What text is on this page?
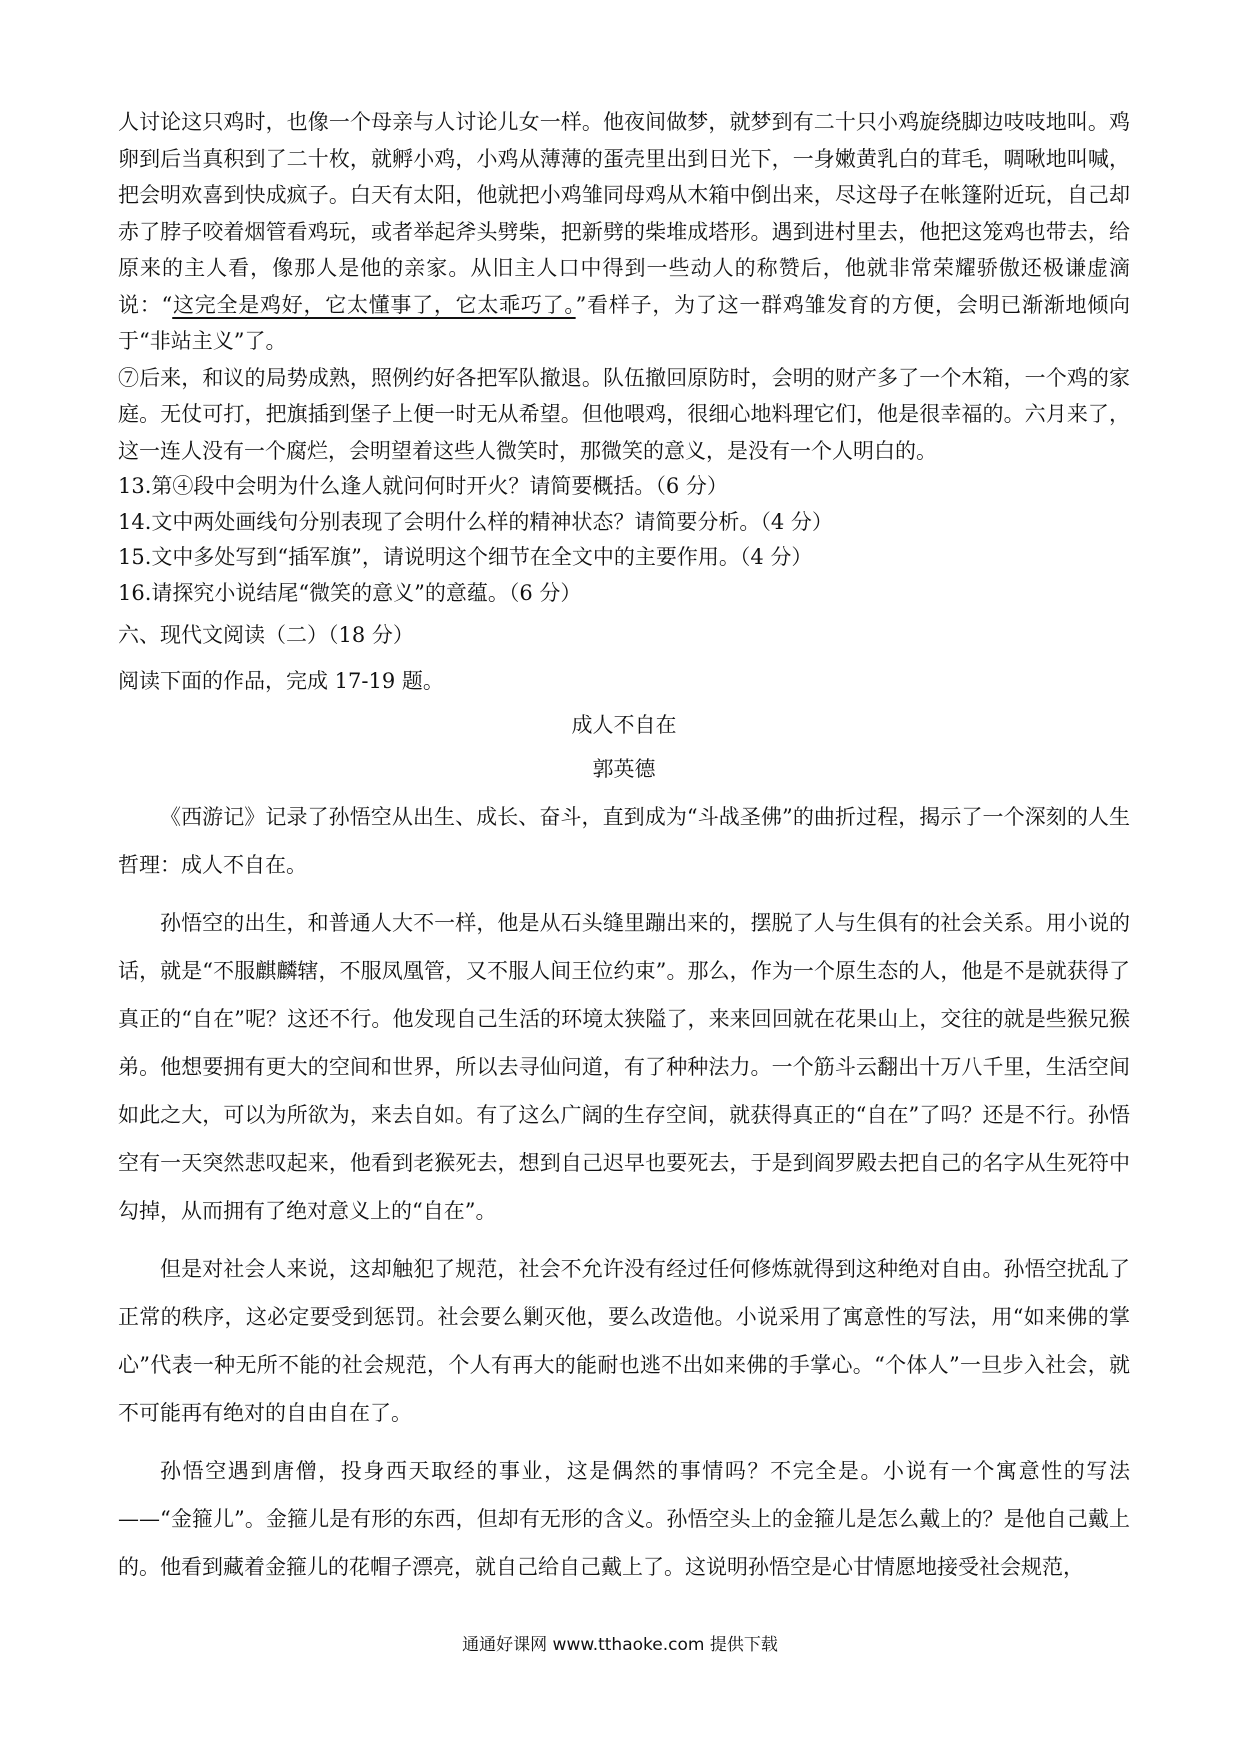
人讨论这只鸡时，也像一个母亲与人讨论儿女一样。他夜间做梦，就梦到有二十只小鸡旋绕脚边吱吱地叫。鸡卵到后当真积到了二十枚，就孵小鸡，小鸡从薄薄的蛋壳里出到日光下，一身嫩黄乳白的茸毛，啁啾地叫喊，把会明欢喜到快成疯子。白天有太阳，他就把小鸡雏同母鸡从木箱中倒出来，尽这母子在帐篷附近玩，自己却赤了脖子咬着烟管看鸡玩，或者举起斧头劈柴，把新劈的柴堆成塔形。遇到进村里去，他把这笼鸡也带去，给原来的主人看，像那人是他的亲家。从旧主人口中得到一些动人的称赞后，他就非常荣耀骄傲还极谦虚滴说：“这完全是鸡好，它太懂事了，它太乖巧了。”看样子，为了这一群鸡雏发育的方便，会明已渐渐地倾向于“非站主义”了。

⑦后来，和议的局势成熟，照例约好各把军队撤退。队伍撤回原防时，会明的财产多了一个木箱，一个鸡的家庭。无仗可打，把旗插到堡子上便一时无从希望。但他喂鸡，很细心地料理它们，他是很幸福的。六月来了，这一连人没有一个腐烂，会明望着这些人微笑时，那微笑的意义，是没有一个人明白的。

13.第④段中会明为什么逢人就问何时开火？请简要概括。（6 分）

14.文中两处画线句分别表现了会明什么样的精神状态？请简要分析。（4 分）

15.文中多处写到“插军旗”，请说明这个细节在全文中的主要作用。（4 分）

16.请探究小说结尾“微笑的意义”的意蕴。（6 分）

六、现代文阅读（二）（18 分）

阅读下面的作品，完成 17-19 题。

成人不自在

郭英德

《西游记》记录了孙悟空从出生、成长、奋斗，直到成为“斗战圣佛”的曲折过程，揭示了一个深刻的人生哲理：成人不自在。

孙悟空的出生，和普通人大不一样，他是从石头缝里蹦出来的，摆脱了人与生俱有的社会关系。用小说的话，就是“不服麒麟辖，不服凤凰管，又不服人间王位约束”。那么，作为一个原生态的人，他是不是就获得了真正的“自在”呢？这还不行。他发现自己生活的环境太狭隘了，来来回回就在花果山上，交往的就是些猴兄猴弟。他想要拥有更大的空间和世界，所以去寻仙问道，有了种种法力。一个筋斗云翻出十万八千里，生活空间如此之大，可以为所欲为，来去自如。有了这么广阔的生存空间，就获得真正的“自在”了吗？还是不行。孙悟空有一天突然悲叹起来，他看到老猴死去，想到自己迟早也要死去，于是到阎罗殿去把自己的名字从生死符中勾掉，从而拥有了绝对意义上的“自在”。

但是对社会人来说，这却触犯了规范，社会不允许没有经过任何修炼就得到这种绝对自由。孙悟空扰乱了正常的秩序，这必定要受到惩罚。社会要么剿灭他，要么改造他。小说采用了寓意性的写法，用“如来佛的掌心”代表一种无所不能的社会规范，个人有再大的能耐也逃不出如来佛的手掌心。“个体人”一旦步入社会，就不可能再有绝对的自由自在了。

孙悟空遇到唐僧，投身西天取经的事业，这是偶然的事情吗？不完全是。小说有一个寓意性的写法——“金箍儿”。金箍儿是有形的东西，但却有无形的含义。孙悟空头上的金箍儿是怎么戴上的？是他自己戴上的。他看到藏着金箍儿的花帽子漂亮，就自己给自己戴上了。这说明孙悟空是心甘情愿地接受社会规范，

通通好课网 www.tthaoke.com 提供下载
